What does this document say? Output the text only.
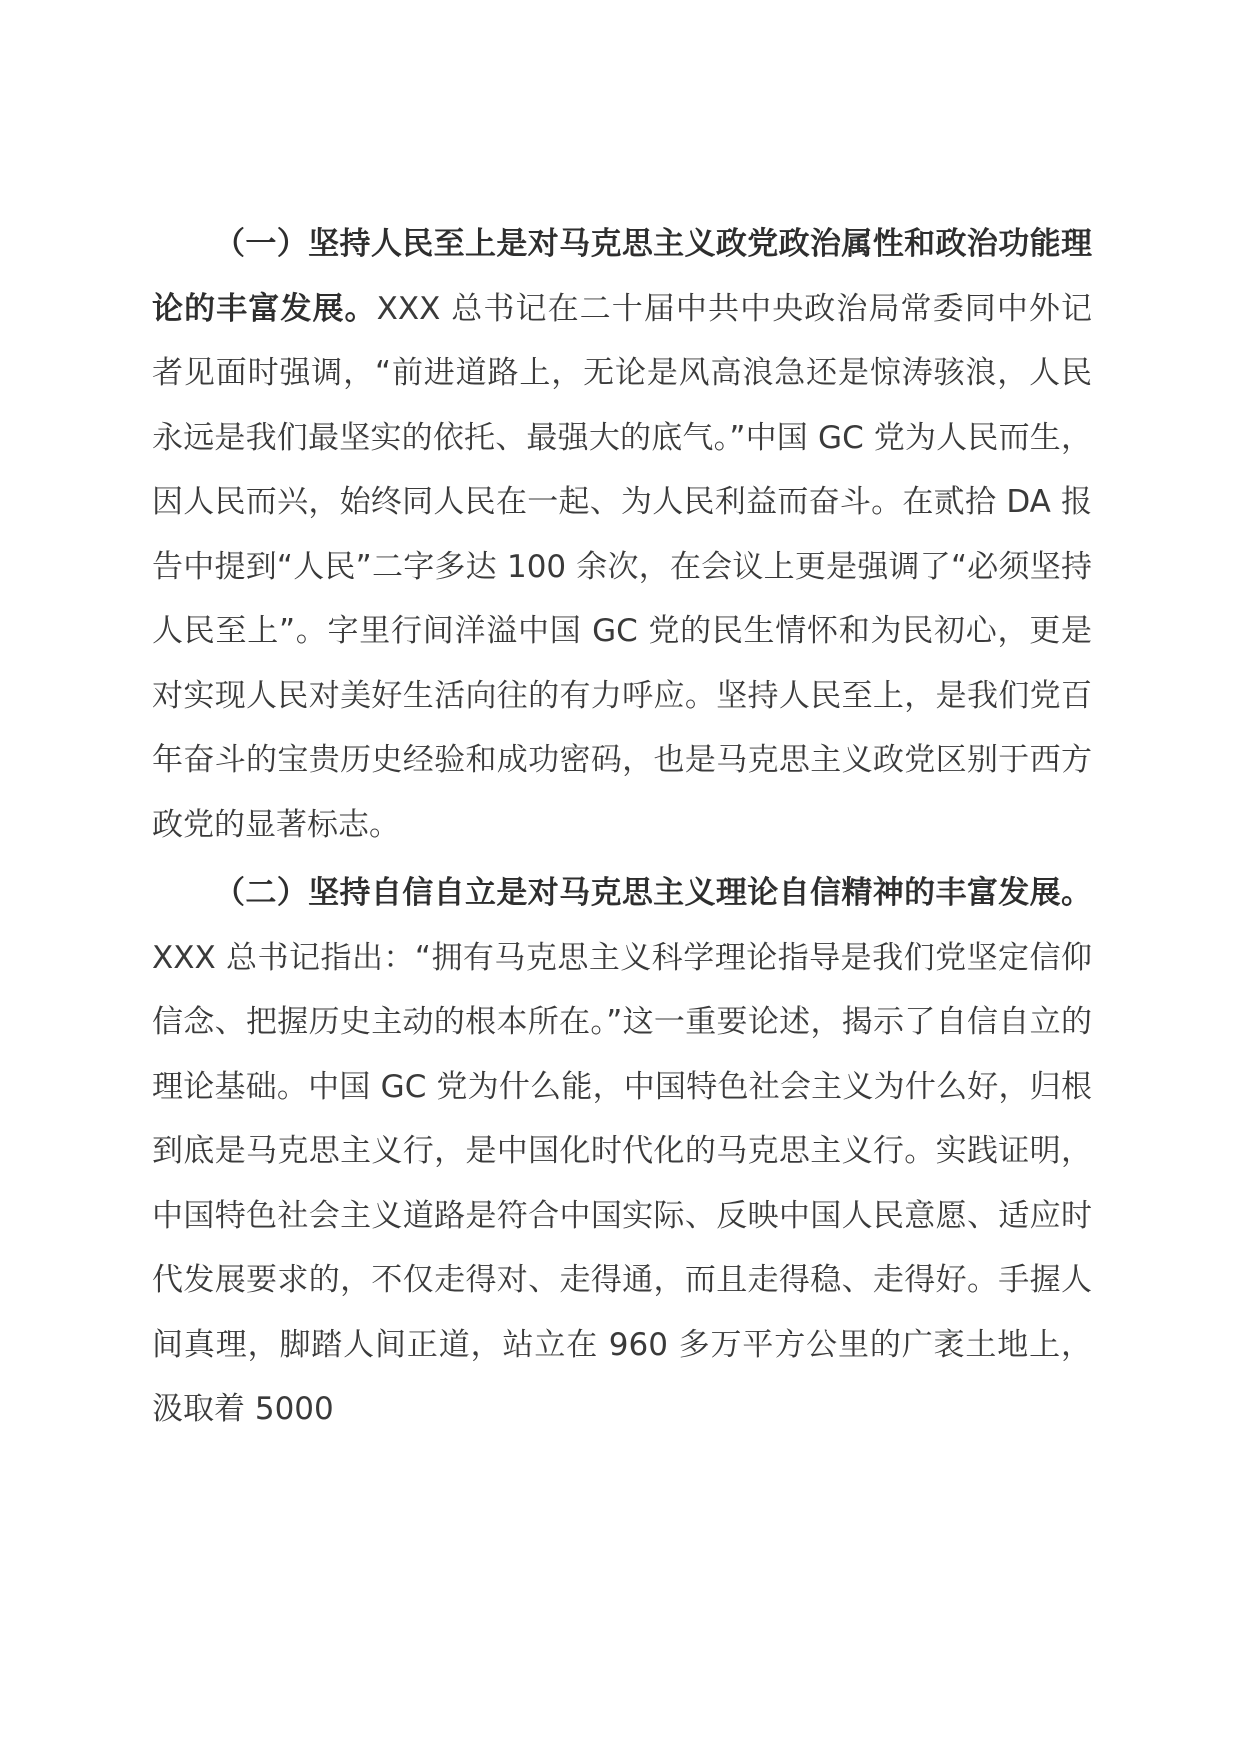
（一）坚持人民至上是对马克思主义政党政治属性和政治功能理论的丰富发展。XXX 总书记在二十届中共中央政治局常委同中外记者见面时强调，“前进道路上，无论是风高浪急还是惊涛骇浪，人民永远是我们最坚实的依托、最强大的底气。”中国 GC 党为人民而生，因人民而兴，始终同人民在一起、为人民利益而奋斗。在贰拾 DA 报告中提到“人民”二字多达 100 余次，在会议上更是强调了“必须坚持人民至上”。字里行间洋溢中国 GC 党的民生情怀和为民初心，更是对实现人民对美好生活向往的有力呼应。坚持人民至上，是我们党百年奋斗的宝贵历史经验和成功密码，也是马克思主义政党区别于西方政党的显著标志。

（二）坚持自信自立是对马克思主义理论自信精神的丰富发展。XXX 总书记指出：“拥有马克思主义科学理论指导是我们党坚定信仰信念、把握历史主动的根本所在。”这一重要论述，揭示了自信自立的理论基础。中国 GC 党为什么能，中国特色社会主义为什么好，归根到底是马克思主义行，是中国化时代化的马克思主义行。实践证明，中国特色社会主义道路是符合中国实际、反映中国人民意愿、适应时代发展要求的，不仅走得对、走得通，而且走得稳、走得好。手握人间真理，脚踏人间正道，站立在 960 多万平方公里的广袤土地上，汲取着 5000
